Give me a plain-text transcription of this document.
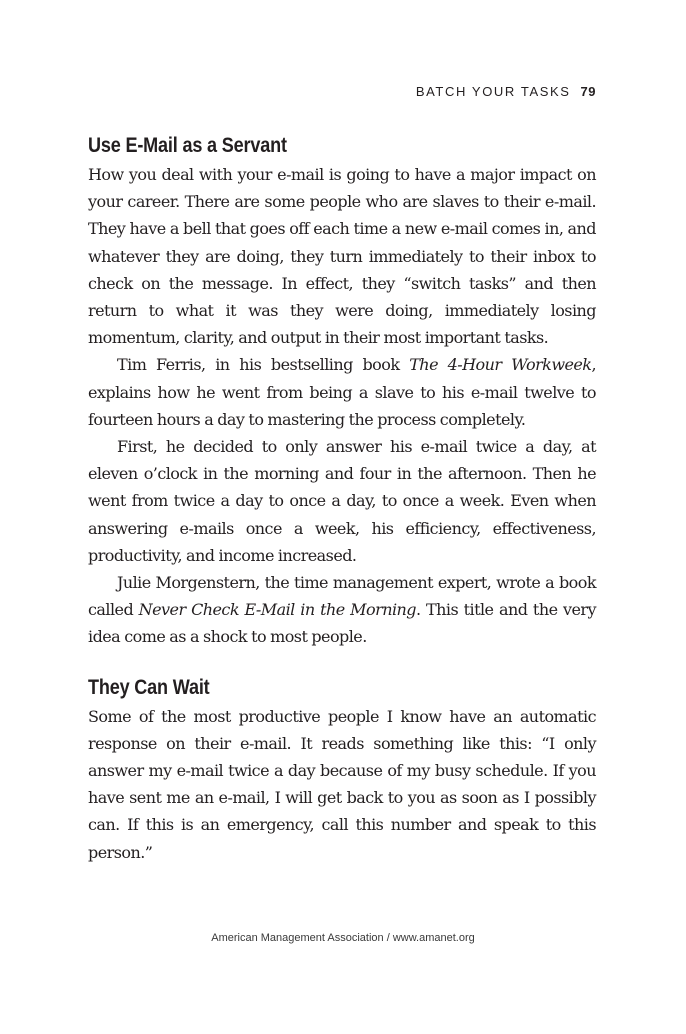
BATCH YOUR TASKS 79
Use E-Mail as a Servant

How you deal with your e-mail is going to have a major impact on your career. There are some people who are slaves to their e-mail. They have a bell that goes off each time a new e-mail comes in, and whatever they are doing, they turn immediately to their inbox to check on the message. In effect, they “switch tasks” and then return to what it was they were doing, immediately losing momentum, clarity, and output in their most important tasks.

Tim Ferris, in his bestselling book The 4-Hour Workweek, explains how he went from being a slave to his e-mail twelve to fourteen hours a day to mastering the process completely.

First, he decided to only answer his e-mail twice a day, at eleven o’clock in the morning and four in the afternoon. Then he went from twice a day to once a day, to once a week. Even when answering e-mails once a week, his efficiency, effectiveness, productivity, and income increased.

Julie Morgenstern, the time management expert, wrote a book called Never Check E-Mail in the Morning. This title and the very idea come as a shock to most people.

They Can Wait

Some of the most productive people I know have an automatic response on their e-mail. It reads something like this: “I only answer my e-mail twice a day because of my busy schedule. If you have sent me an e-mail, I will get back to you as soon as I possibly can. If this is an emergency, call this number and speak to this person.”

American Management Association / www.amanet.org
